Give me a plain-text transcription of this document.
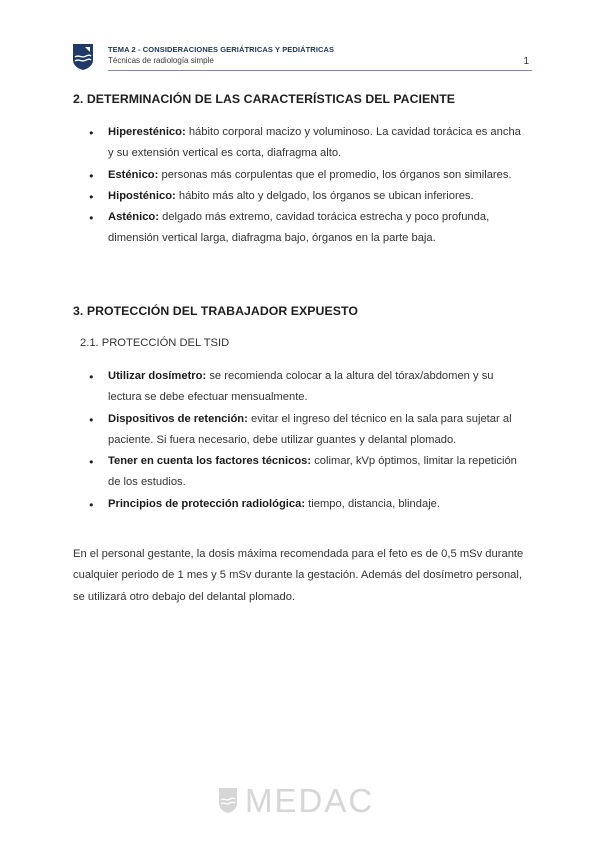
TEMA 2 - CONSIDERACIONES GERIÁTRICAS Y PEDIÁTRICAS
Técnicas de radiología simple	1
2. DETERMINACIÓN DE LAS CARACTERÍSTICAS DEL PACIENTE
● Hiperesténico: hábito corporal macizo y voluminoso. La cavidad torácica es ancha y su extensión vertical es corta, diafragma alto.
● Esténico: personas más corpulentas que el promedio, los órganos son similares.
● Hiposténico: hábito más alto y delgado, los órganos se ubican inferiores.
● Asténico: delgado más extremo, cavidad torácica estrecha y poco profunda, dimensión vertical larga, diafragma bajo, órganos en la parte baja.
3. PROTECCIÓN DEL TRABAJADOR EXPUESTO
2.1. PROTECCIÓN DEL TSID
● Utilizar dosímetro: se recomienda colocar a la altura del tórax/abdomen y su lectura se debe efectuar mensualmente.
● Dispositivos de retención: evitar el ingreso del técnico en la sala para sujetar al paciente. Si fuera necesario, debe utilizar guantes y delantal plomado.
● Tener en cuenta los factores técnicos: colimar, kVp óptimos, limitar la repetición de los estudios.
● Principios de protección radiológica: tiempo, distancia, blindaje.
En el personal gestante, la dosis máxima recomendada para el feto es de 0,5 mSv durante cualquier periodo de 1 mes y 5 mSv durante la gestación. Además del dosímetro personal, se utilizará otro debajo del delantal plomado.
MEDAC
